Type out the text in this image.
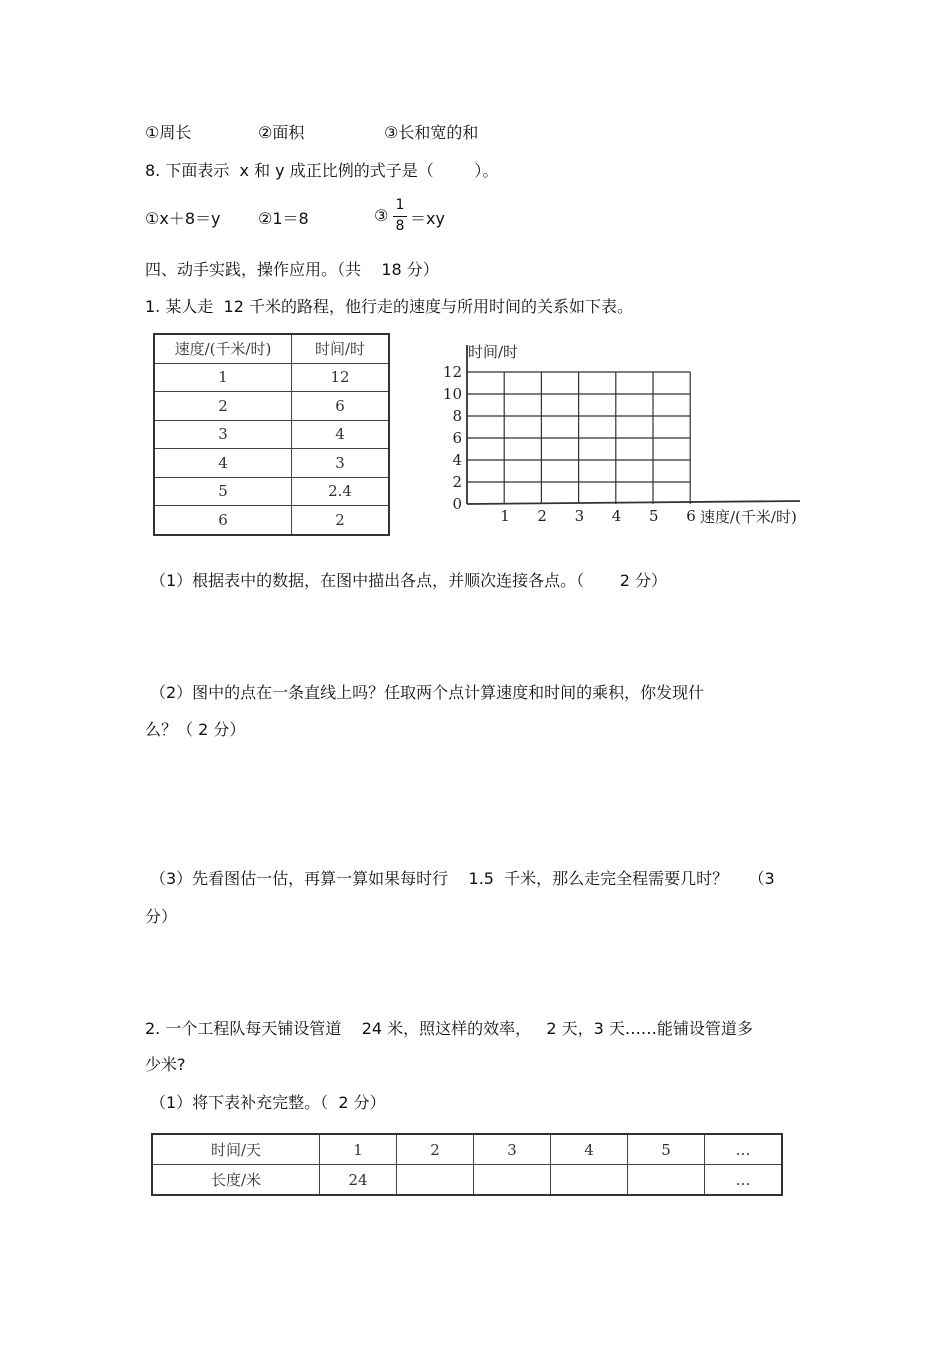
①周长	②面积	③长和宽的和
8. 下面表示  x 和 y 成正比例的式子是（        ）。
①x＋8＝y ②1＝8	③
1
8 ＝xy
四、动手实践，操作应用。（共    18 分）
1. 某人走  12 千米的路程，他行走的速度与所用时间的关系如下表。
速度/(千米/时)	时间/时
1	12
2	6
3	4
4	3
5	2.4
6	2
时间/时
速度/(千米/时)
1 2 3 4 5 6
0
2
4
6
8
10
12
（1）根据表中的数据，在图中描出各点，并顺次连接各点。（       2 分）
（2）图中的点在一条直线上吗？任取两个点计算速度和时间的乘积，你发现什
么？（ 2 分）
（3）先看图估一估，再算一算如果每时行    1.5  千米，那么走完全程需要几时？    （3
分）
2. 一个工程队每天铺设管道    24 米，照这样的效率，   2 天，3 天……能铺设管道多
少米?
（1）将下表补充完整。（  2 分）
时间/天	1	2	3	4	5	…
长度/米	24					…
